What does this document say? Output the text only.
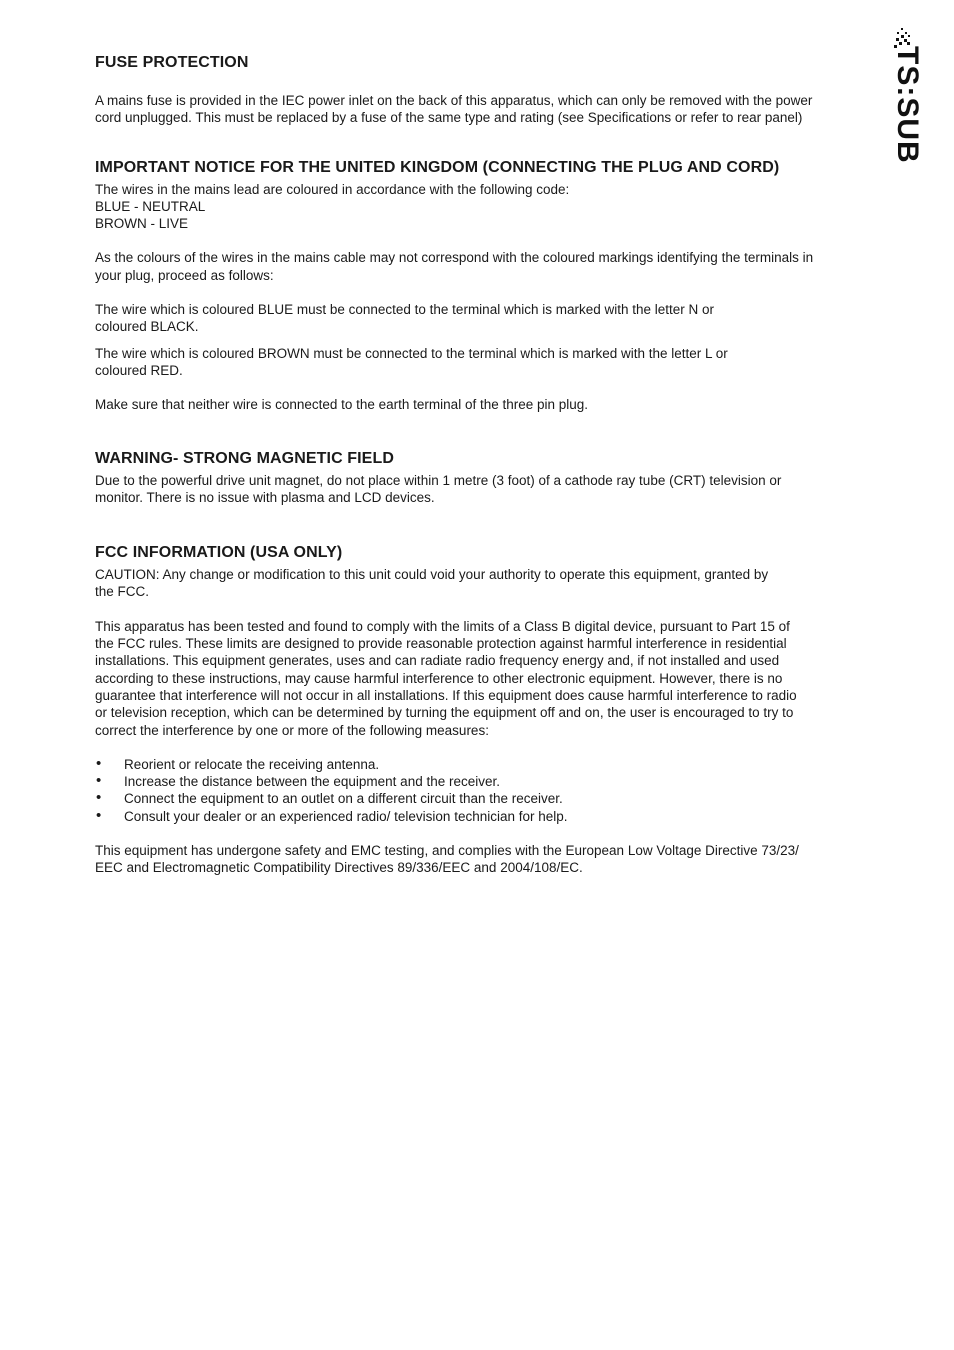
TS:SUB
FUSE PROTECTION

A mains fuse is provided in the IEC power inlet on the back of this apparatus, which can only be removed with the power
cord unplugged. This must be replaced by a fuse of the same type and rating (see Specifications or refer to rear panel)

IMPORTANT NOTICE FOR THE UNITED KINGDOM (CONNECTING THE PLUG AND CORD)

The wires in the mains lead are coloured in accordance with the following code:
BLUE - NEUTRAL
BROWN - LIVE

As the colours of the wires in the mains cable may not correspond with the coloured markings identifying the terminals in
your plug, proceed as follows:

The wire which is coloured BLUE must be connected to the terminal which is marked with the letter N or
coloured BLACK.

The wire which is coloured BROWN must be connected to the terminal which is marked with the letter L or
coloured RED.

Make sure that neither wire is connected to the earth terminal of the three pin plug.

WARNING- STRONG MAGNETIC FIELD

Due to the powerful drive unit magnet, do not place within 1 metre (3 foot) of a cathode ray tube (CRT) television or
monitor. There is no issue with plasma and LCD devices.

FCC INFORMATION (USA ONLY)

CAUTION: Any change or modification to this unit could void your authority to operate this equipment, granted by
the FCC.

This apparatus has been tested and found to comply with the limits of a Class B digital device, pursuant to Part 15 of
the FCC rules. These limits are designed to provide reasonable protection against harmful interference in residential
installations. This equipment generates, uses and can radiate radio frequency energy and, if not installed and used
according to these instructions, may cause harmful interference to other electronic equipment. However, there is no
guarantee that interference will not occur in all installations. If this equipment does cause harmful interference to radio
or television reception, which can be determined by turning the equipment off and on, the user is encouraged to try to
correct the interference by one or more of the following measures:

• Reorient or relocate the receiving antenna.
• Increase the distance between the equipment and the receiver.
• Connect the equipment to an outlet on a different circuit than the receiver.
• Consult your dealer or an experienced radio/ television technician for help.

This equipment has undergone safety and EMC testing, and complies with the European Low Voltage Directive 73/23/
EEC and Electromagnetic Compatibility Directives 89/336/EEC and 2004/108/EC.
